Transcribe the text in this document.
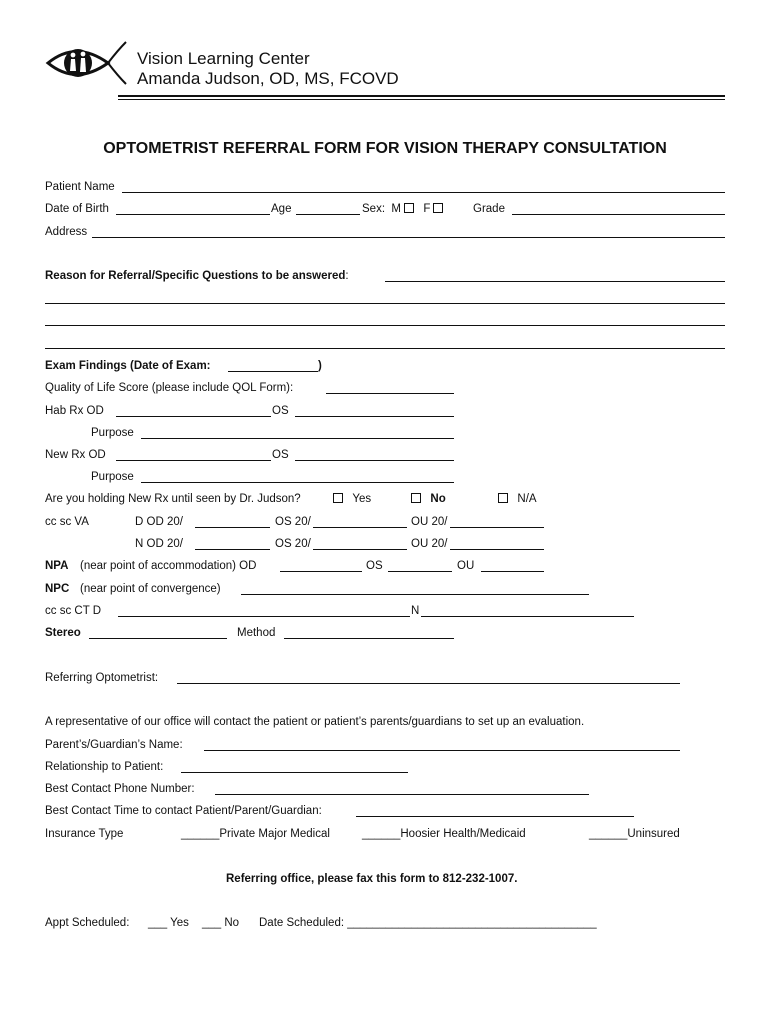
Vision Learning Center
Amanda Judson, OD, MS, FCOVD
OPTOMETRIST REFERRAL FORM FOR VISION THERAPY CONSULTATION
Patient Name
Date of Birth	Age	Sex: M F	Grade
Address
Reason for Referral/Specific Questions to be answered:
Exam Findings (Date of Exam:	)
Quality of Life Score (please include QOL Form):
Hab Rx OD	OS
Purpose
New Rx OD	OS
Purpose
Are you holding New Rx until seen by Dr. Judson?	Yes	No	N/A
cc sc VA	D OD 20/	OS 20/	OU 20/
N OD 20/	OS 20/	OU 20/
NPA (near point of accommodation) OD	OS	OU
NPC (near point of convergence)
cc sc CT D	N
Stereo	Method
Referring Optometrist:
A representative of our office will contact the patient or patient’s parents/guardians to set up an evaluation.
Parent’s/Guardian’s Name:
Relationship to Patient:
Best Contact Phone Number:
Best Contact Time to contact Patient/Parent/Guardian:
Insurance Type	______Private Major Medical	______Hoosier Health/Medicaid	______Uninsured
Referring office, please fax this form to 812-232-1007.
Appt Scheduled: ___ Yes ___ No Date Scheduled: _______________________________________
